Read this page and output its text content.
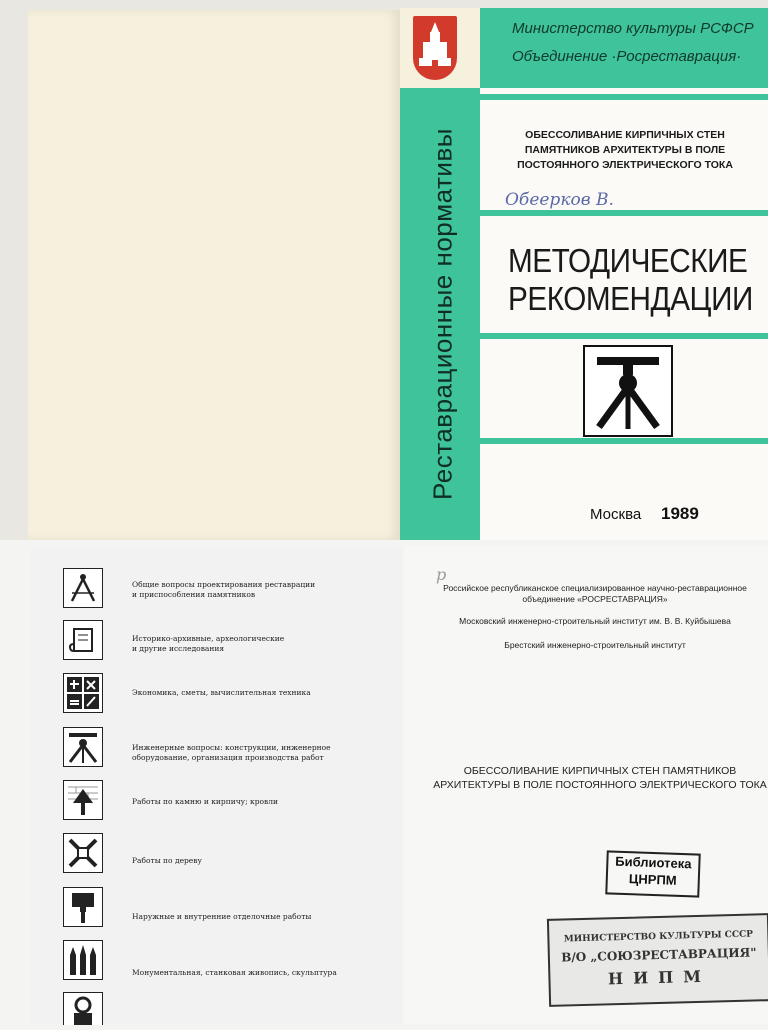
Министерство культуры РСФСР
Объединение ·Росреставрация·
Реставрационные нормативы	ОБЕССОЛИВАНИЕ КИРПИЧНЫХ СТЕН ПАМЯТНИКОВ АРХИТЕКТУРЫ В ПОЛЕ ПОСТОЯННОГО ЭЛЕКТРИЧЕСКОГО ТОКА
Обеерков В.
МЕТОДИЧЕСКИЕ
РЕКОМЕНДАЦИИ
Москва 1989
Общие вопросы проектирования реставрации
и приспособления памятников
Историко-архивные, археологические
и другие исследования
Экономика, сметы, вычислительная техника
Инженерные вопросы: конструкции, инженерное
оборудование, организация производства работ
Работы по камню и кирпичу; кровли
Работы по дереву
Наружные и внутренние отделочные работы
Монументальная, станковая живопись, скульптура
р
Российское республиканское специализированное научно-реставрационное объединение «РОСРЕСТАВРАЦИЯ»
Московский инженерно-строительный институт им. В. В. Куйбышева
Брестский инженерно-строительный институт
ОБЕССОЛИВАНИЕ КИРПИЧНЫХ СТЕН ПАМЯТНИКОВ АРХИТЕКТУРЫ В ПОЛЕ ПОСТОЯННОГО ЭЛЕКТРИЧЕСКОГО ТОКА
Библиотека
ЦНРПМ
МИНИСТЕРСТВО КУЛЬТУРЫ СССР
В/О „СОЮЗРЕСТАВРАЦИЯ"
НИПМ
